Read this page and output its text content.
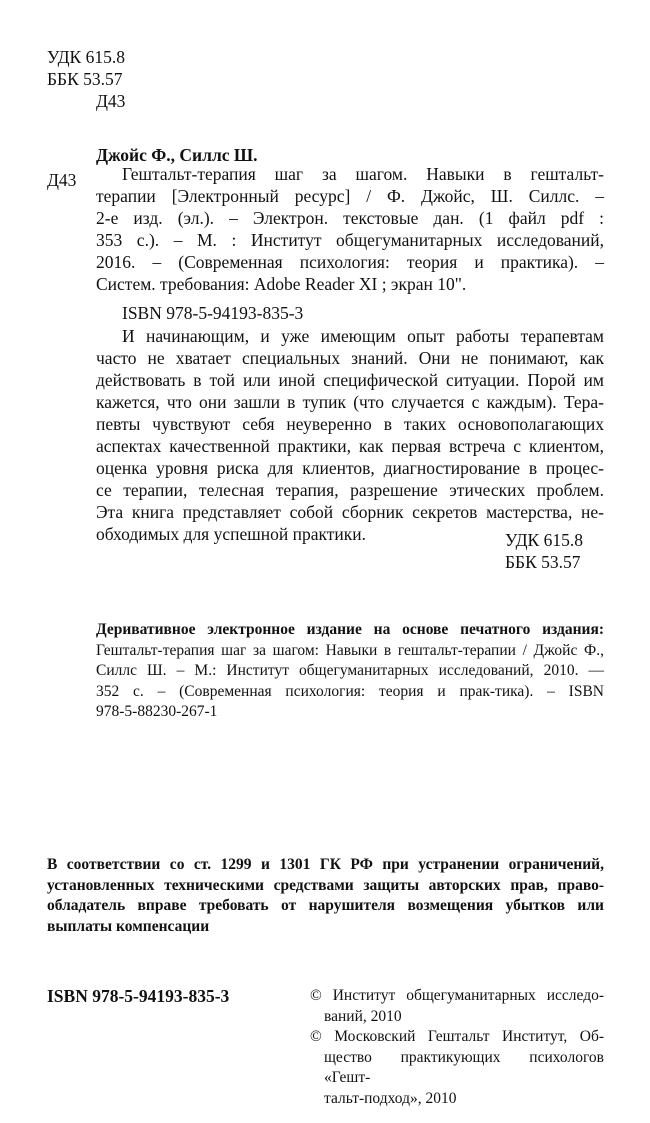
УДК 615.8
ББК 53.57
Д43
Джойс Ф., Силлс Ш.
Д43	Гештальт-терапия шаг за шагом. Навыки в гештальт-
терапии [Электронный ресурс] / Ф. Джойс, Ш. Силлс. –
2-е изд. (эл.). – Электрон. текстовые дан. (1 файл pdf :
353 с.). – М. : Институт общегуманитарных исследований,
2016. – (Современная психология: теория и практика). –
Систем. требования: Adobe Reader XI ; экран 10".
ISBN 978-5-94193-835-3
И начинающим, и уже имеющим опыт работы терапевтам
часто не хватает специальных знаний. Они не понимают, как
действовать в той или иной специфической ситуации. Порой им
кажется, что они зашли в тупик (что случается с каждым). Тера-
певты чувствуют себя неуверенно в таких основополагающих
аспектах качественной практики, как первая встреча с клиентом,
оценка уровня риска для клиентов, диагностирование в процес-
се терапии, телесная терапия, разрешение этических проблем.
Эта книга представляет собой сборник секретов мастерства, не-
обходимых для успешной практики.	УДК 615.8
ББК 53.57
Деривативное электронное издание на основе печатного издания:
Гештальт-терапия шаг за шагом: Навыки в гештальт-терапии / Джойс Ф.,
Силлс Ш. – М.: Институт общегуманитарных исследований, 2010. —
352 с. – (Современная психология: теория и прак-тика). – ISBN
978-5-88230-267-1
В соответствии со ст. 1299 и 1301 ГК РФ при устранении ограничений,
установленных техническими средствами защиты авторских прав, право-
обладатель вправе требовать от нарушителя возмещения убытков или
выплаты компенсации
ISBN 978-5-94193-835-3	© Институт общегуманитарных исследо-
ваний, 2010
© Московский Гештальт Институт, Об-
щество практикующих психологов «Гешт-
тальт-подход», 2010
